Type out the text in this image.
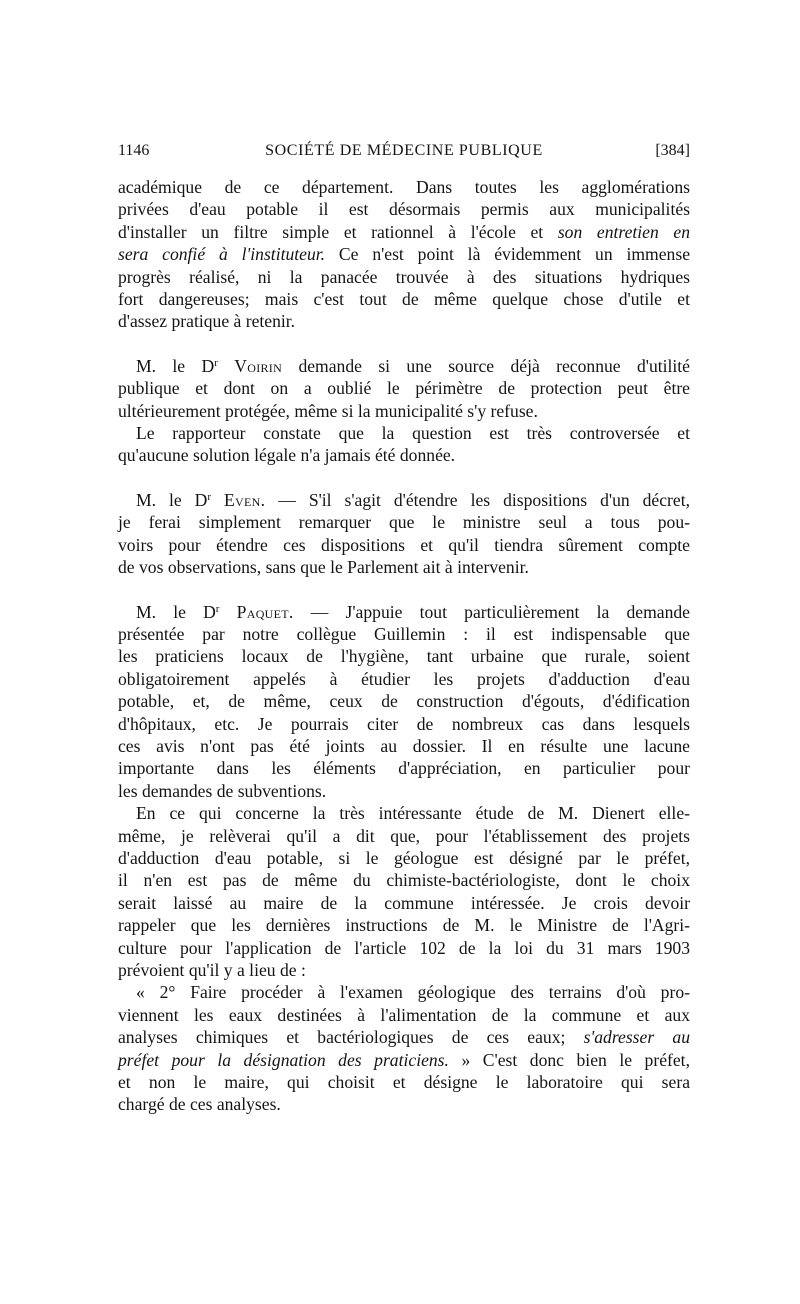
1146	SOCIÉTÉ DE MÉDECINE PUBLIQUE	[384]
académique de ce département. Dans toutes les agglomérations
privées d'eau potable il est désormais permis aux municipalités
d'installer un filtre simple et rationnel à l'école et son entretien en
sera confié à l'instituteur. Ce n'est point là évidemment un immense
progrès réalisé, ni la panacée trouvée à des situations hydriques
fort dangereuses; mais c'est tout de même quelque chose d'utile et
d'assez pratique à retenir.
M. le $D^r$ Voirin demande si une source déjà reconnue d'utilité
publique et dont on a oublié le périmètre de protection peut être
ultérieurement protégée, même si la municipalité s'y refuse.
Le rapporteur constate que la question est très controversée et
qu'aucune solution légale n'a jamais été donnée.
M. le $D^r$ Even. — S'il s'agit d'étendre les dispositions d'un décret,
je ferai simplement remarquer que le ministre seul a tous pou-
voirs pour étendre ces dispositions et qu'il tiendra sûrement compte
de vos observations, sans que le Parlement ait à intervenir.
M. le $D^r$ Paquet. — J'appuie tout particulièrement la demande
présentée par notre collègue Guillemin : il est indispensable que
les praticiens locaux de l'hygiène, tant urbaine que rurale, soient
obligatoirement appelés à étudier les projets d'adduction d'eau
potable, et, de même, ceux de construction d'égouts, d'édification
d'hôpitaux, etc. Je pourrais citer de nombreux cas dans lesquels
ces avis n'ont pas été joints au dossier. Il en résulte une lacune
importante dans les éléments d'appréciation, en particulier pour
les demandes de subventions.
En ce qui concerne la très intéressante étude de M. Dienert elle-
même, je relèverai qu'il a dit que, pour l'établissement des projets
d'adduction d'eau potable, si le géologue est désigné par le préfet,
il n'en est pas de même du chimiste-bactériologiste, dont le choix
serait laissé au maire de la commune intéressée. Je crois devoir
rappeler que les dernières instructions de M. le Ministre de l'Agri-
culture pour l'application de l'article 102 de la loi du 31 mars 1903
prévoient qu'il y a lieu de :
« 2° Faire procéder à l'examen géologique des terrains d'où pro-
viennent les eaux destinées à l'alimentation de la commune et aux
analyses chimiques et bactériologiques de ces eaux; s'adresser au
préfet pour la désignation des praticiens. » C'est donc bien le préfet,
et non le maire, qui choisit et désigne le laboratoire qui sera
chargé de ces analyses.
